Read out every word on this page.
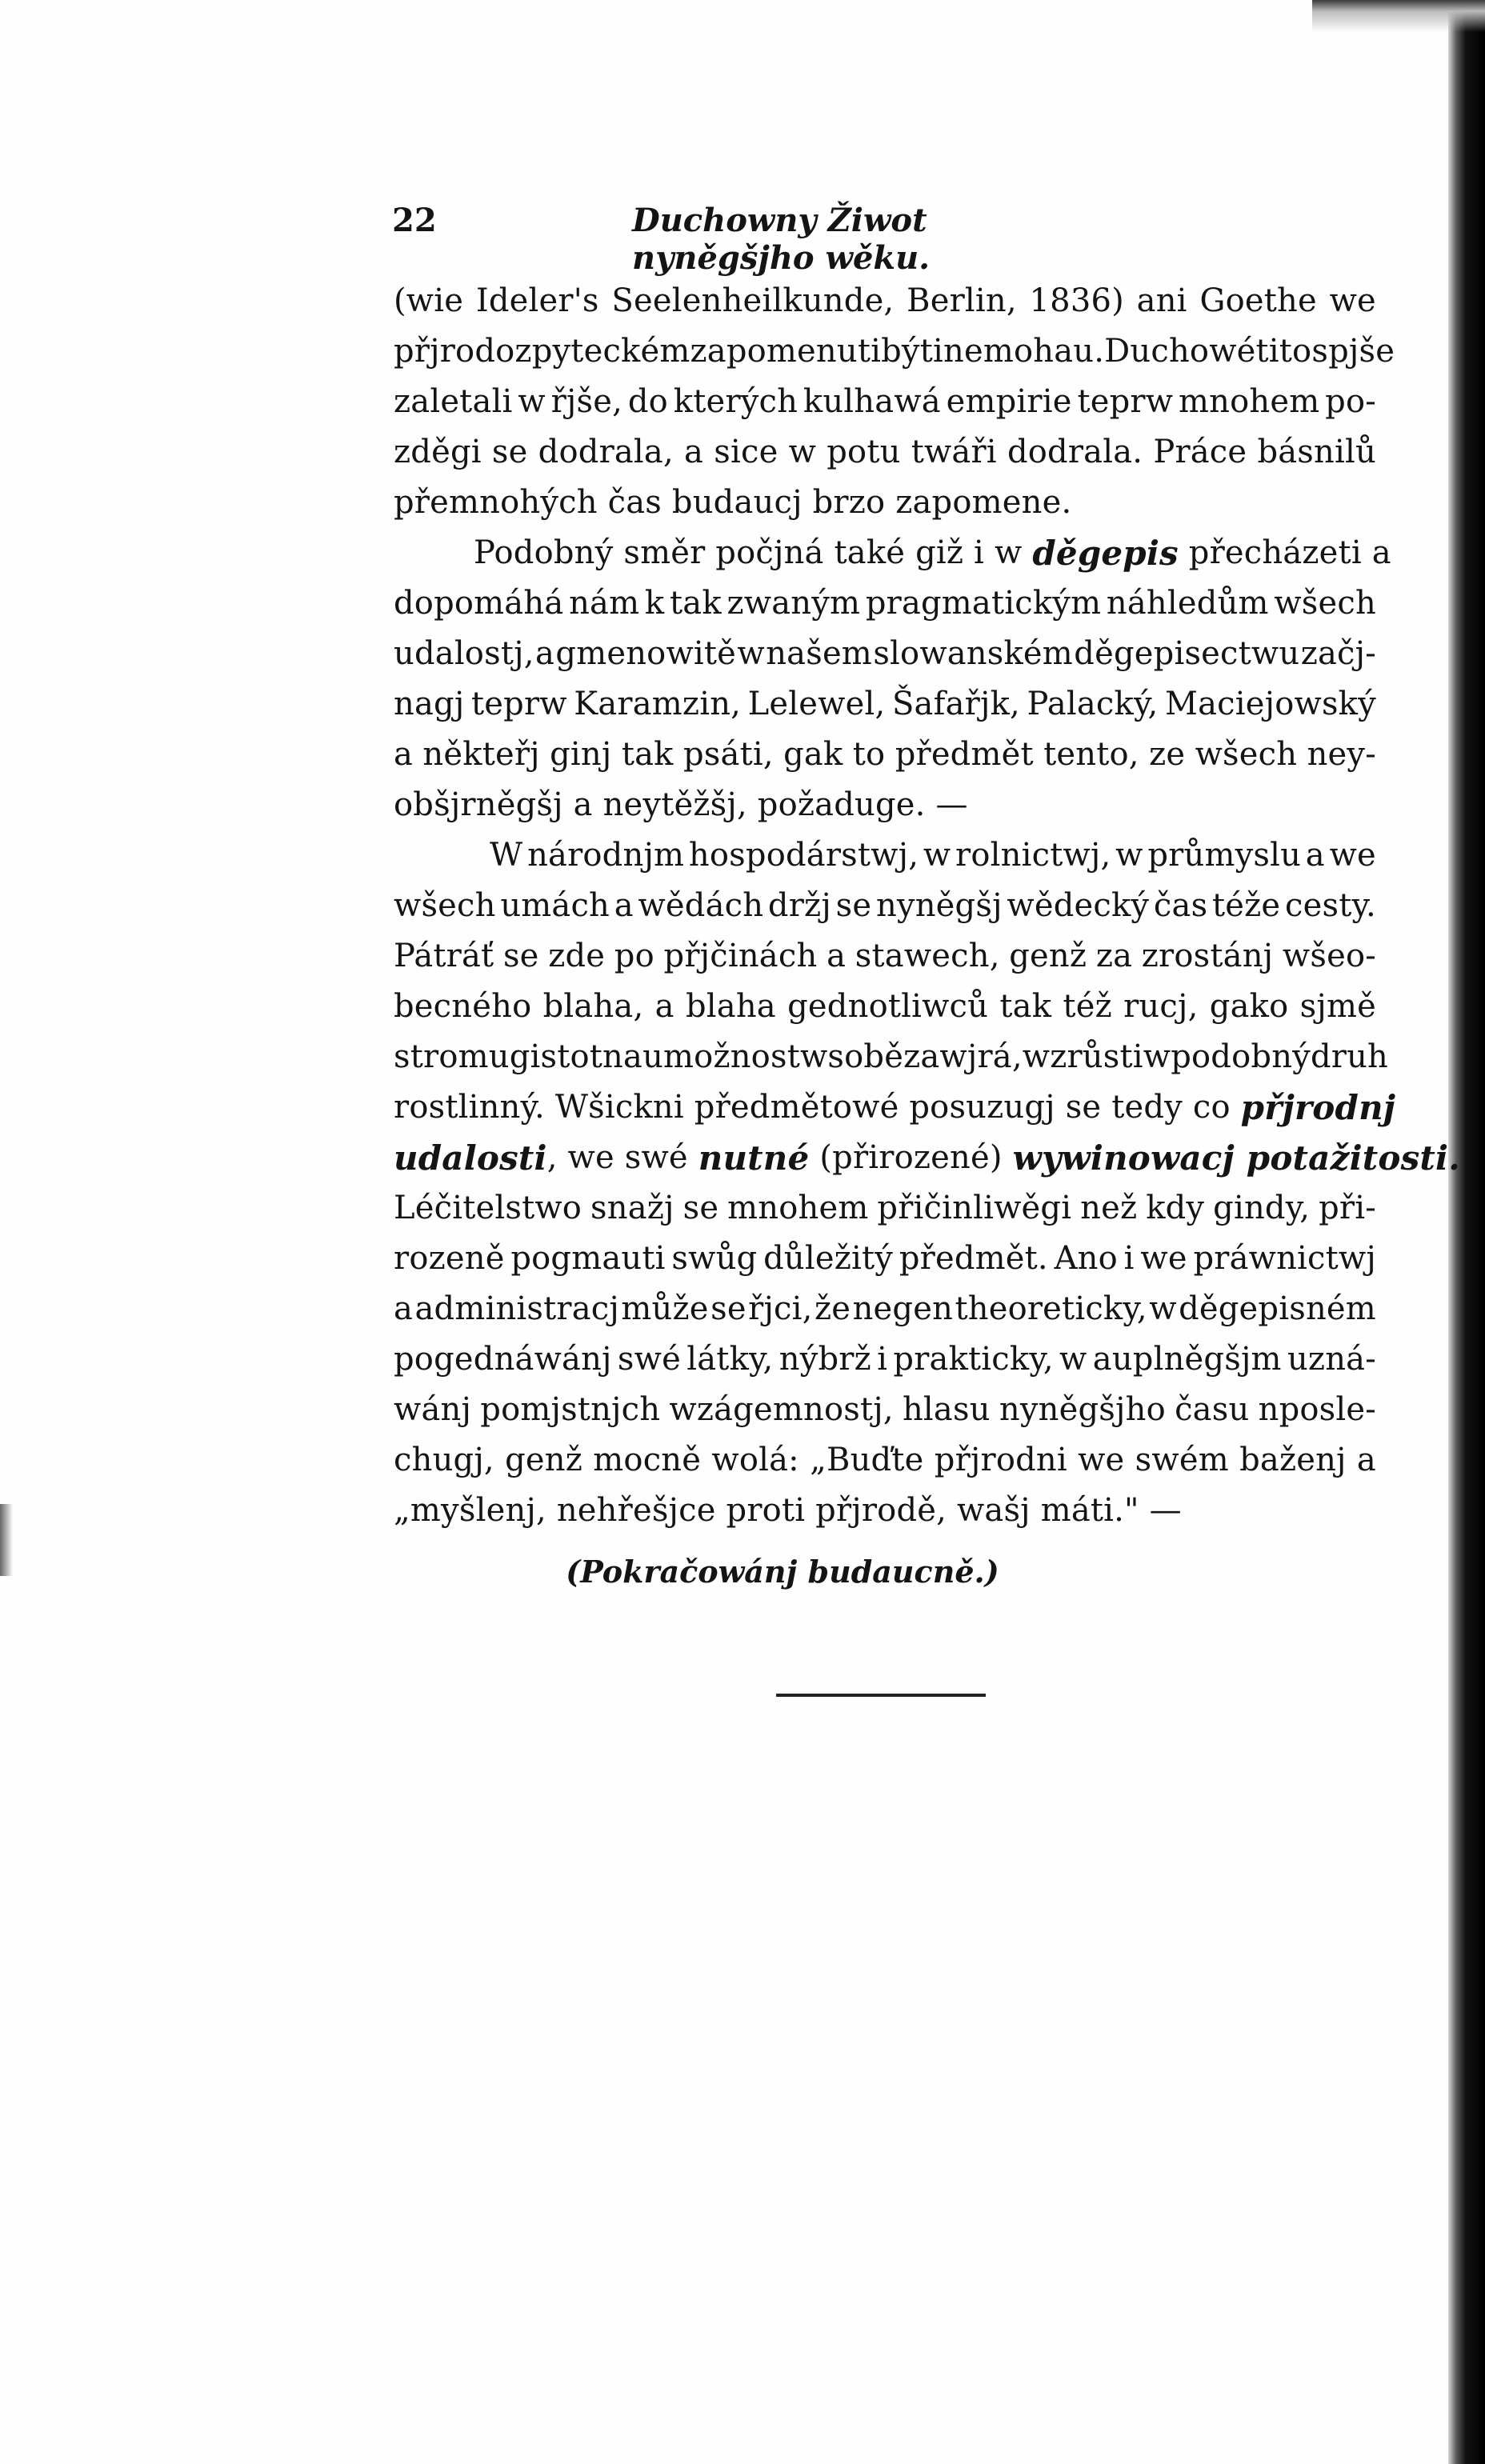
22	Duchowny Žiwot nyněgšjho wěku.
(wie Ideler's Seelenheilkunde, Berlin, 1836) ani Goethe we
přjrodozpyteckém zapomenuti býti nemohau. Duchowé tito spjše
zaletali w řjše, do kterých kulhawá empirie teprw mnohem po-
zděgi se dodrala, a sice w potu twáři dodrala. Práce básnilů
přemnohých čas budaucj brzo zapomene.
Podobný směr počjná také giž i w děgepis přecházeti a
dopomáhá nám k tak zwaným pragmatickým náhledům wšech
udalostj, a gmenowitě w našem slowanském děgepisectwu začj-
nagj teprw Karamzin, Lelewel, Šafařjk, Palacký, Maciejowský
a někteřj ginj tak psáti, gak to předmět tento, ze wšech ney-
obšjrněgšj a neytěžšj, požaduge. —
W národnjm hospodárstwj, w rolnictwj, w průmyslu a we
wšech umách a wědách držj se nyněgšj wědecký čas téže cesty.
Pátráť se zde po přjčinách a stawech, genž za zrostánj wšeo-
becného blaha, a blaha gednotliwců tak též rucj, gako sjmě
stromu gistotnau možnost w sobě zawjrá, wzrůsti w podobný druh
rostlinný. Wšickni předmětowé posuzugj se tedy co přjrodnj
udalosti , we swé nutné (přirozené) wywinowacj potažitosti.
Léčitelstwo snažj se mnohem přičinliwěgi než kdy gindy, při-
rozeně pogmauti swůg důležitý předmět. Ano i we práwnictwj
a administracj může se řjci, že negen theoreticky, w děgepisném
pogednáwánj swé látky, nýbrž i prakticky, w auplněgšjm uzná-
wánj pomjstnjch wzágemnostj, hlasu nyněgšjho času nposle-
chugj, genž mocně wolá: „Buďte přjrodni we swém baženj a
„myšlenj, nehřešjce proti přjrodě, wašj máti." —
(Pokračowánj budaucně.)
